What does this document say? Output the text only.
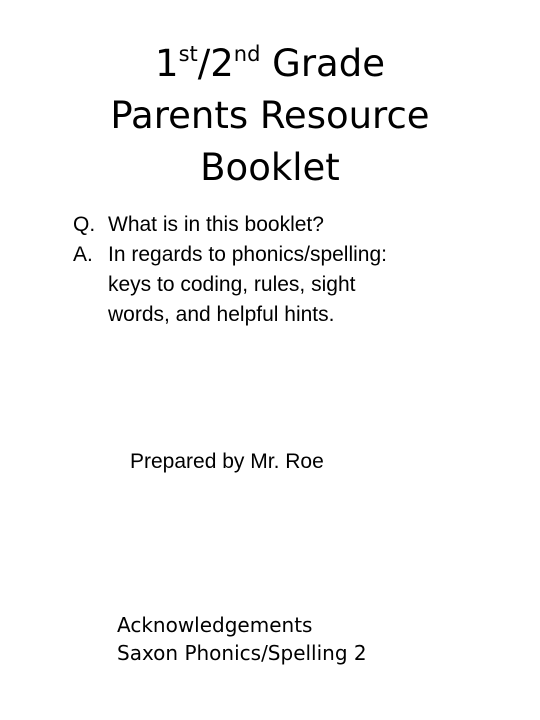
1st/2nd Grade
Parents Resource
Booklet
Q. What is in this booklet?
A. In regards to phonics/spelling:
keys to coding, rules, sight
words, and helpful hints.
Prepared by Mr. Roe
Acknowledgements
Saxon Phonics/Spelling 2
